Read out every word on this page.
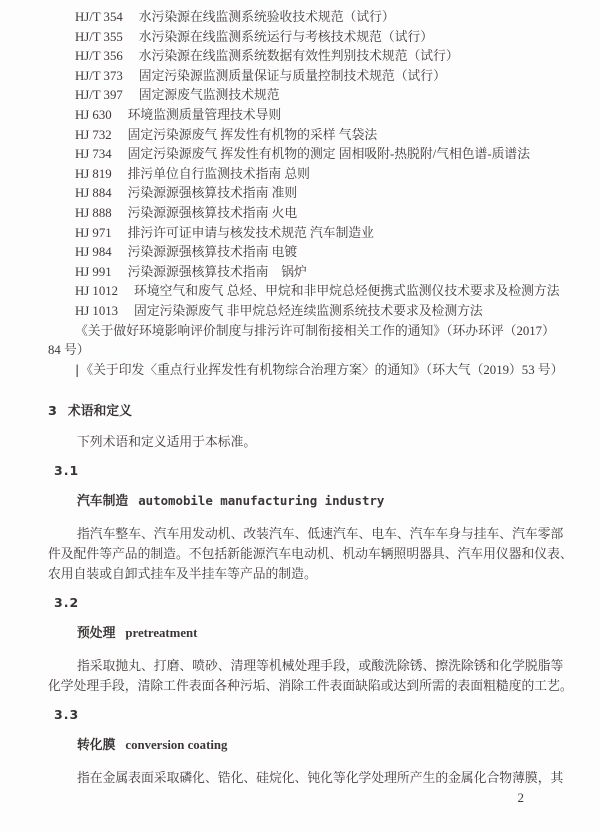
HJ/T 354 水污染源在线监测系统验收技术规范（试行）
HJ/T 355 水污染源在线监测系统运行与考核技术规范（试行）
HJ/T 356 水污染源在线监测系统数据有效性判别技术规范（试行）
HJ/T 373 固定污染源监测质量保证与质量控制技术规范（试行）
HJ/T 397 固定源废气监测技术规范
HJ 630 环境监测质量管理技术导则
HJ 732 固定污染源废气 挥发性有机物的采样 气袋法
HJ 734 固定污染源废气 挥发性有机物的测定 固相吸附-热脱附/气相色谱-质谱法
HJ 819 排污单位自行监测技术指南 总则
HJ 884 污染源源强核算技术指南 准则
HJ 888 污染源源强核算技术指南 火电
HJ 971 排污许可证申请与核发技术规范 汽车制造业
HJ 984 污染源源强核算技术指南 电镀
HJ 991 污染源源强核算技术指南　锅炉
HJ 1012 环境空气和废气 总烃、甲烷和非甲烷总烃便携式监测仪技术要求及检测方法
HJ 1013 固定污染源废气 非甲烷总烃连续监测系统技术要求及检测方法
《关于做好环境影响评价制度与排污许可制衔接相关工作的通知》（环办环评（2017）
84 号）
|《关于印发〈重点行业挥发性有机物综合治理方案〉的通知》（环大气（2019）53 号）
3 术语和定义

下列术语和定义适用于本标准。

3.1
汽车制造 automobile manufacturing industry
指汽车整车、汽车用发动机、改装汽车、低速汽车、电车、汽车车身与挂车、汽车零部
件及配件等产品的制造。不包括新能源汽车电动机、机动车辆照明器具、汽车用仪器和仪表、
农用自装或自卸式挂车及半挂车等产品的制造。
3.2
预处理 pretreatment
指采取抛丸、打磨、喷砂、清理等机械处理手段，或酸洗除锈、擦洗除锈和化学脱脂等
化学处理手段，清除工件表面各种污垢、消除工件表面缺陷或达到所需的表面粗糙度的工艺。
3.3
转化膜 conversion coating
指在金属表面采取磷化、锆化、硅烷化、钝化等化学处理所产生的金属化合物薄膜，其
2
